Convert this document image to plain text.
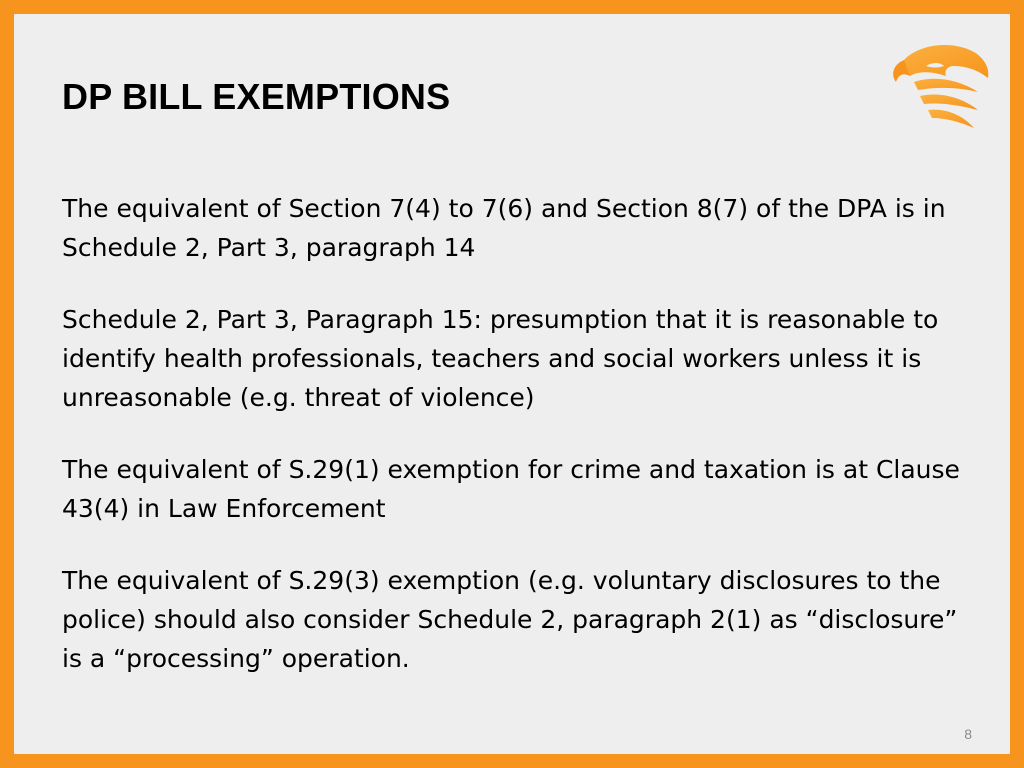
DP BILL EXEMPTIONS

The equivalent of Section 7(4) to 7(6) and Section 8(7) of the DPA is in Schedule 2, Part 3, paragraph 14

Schedule 2, Part 3, Paragraph 15: presumption that it is reasonable to identify health professionals, teachers and social workers unless it is unreasonable (e.g. threat of violence)

The equivalent of S.29(1) exemption for crime and taxation is at Clause 43(4) in Law Enforcement

The equivalent of S.29(3) exemption (e.g. voluntary disclosures to the police) should also consider Schedule 2, paragraph 2(1) as “disclosure” is a “processing” operation.

8
